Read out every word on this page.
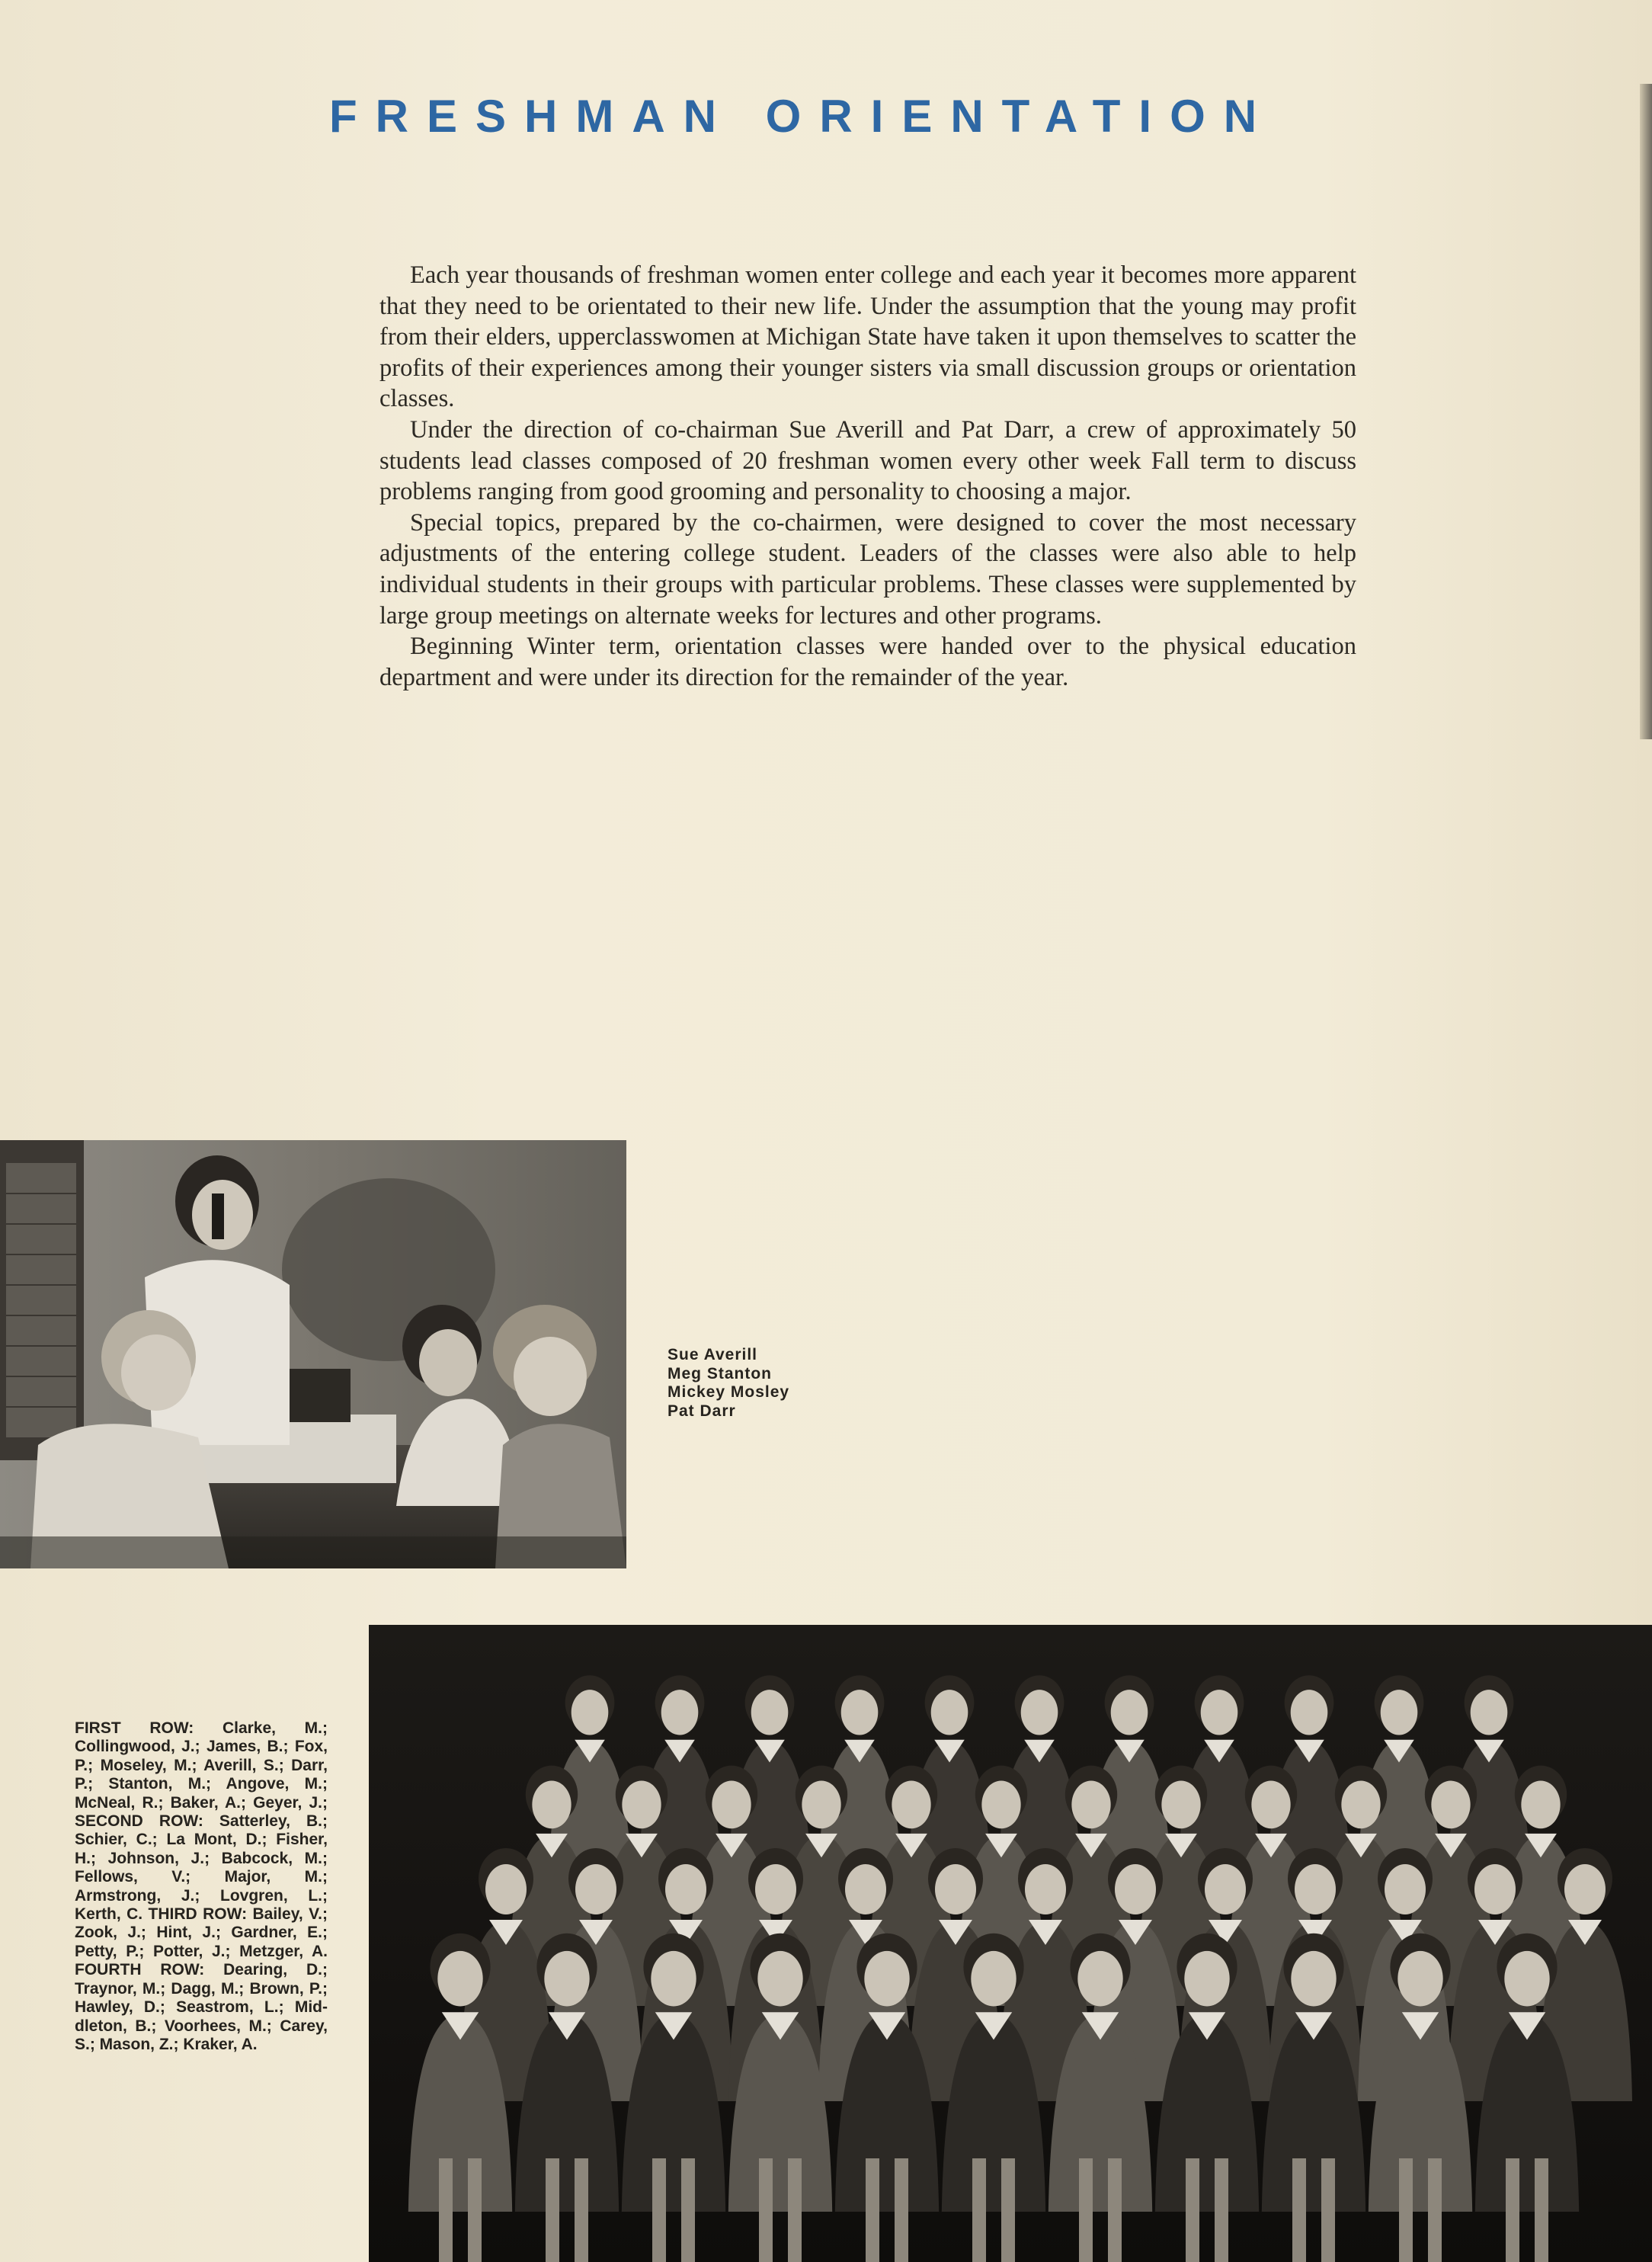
FRESHMAN ORIENTATION

Each year thousands of freshman women enter college and each year it becomes more apparent that they need to be orientated to their new life. Under the assumption that the young may profit from their elders, upperclasswomen at Michigan State have taken it upon themselves to scatter the profits of their experiences among their younger sisters via small discussion groups or orientation classes.

Under the direction of co-chairman Sue Averill and Pat Darr, a crew of approximately 50 students lead classes composed of 20 freshman women every other week Fall term to discuss problems ranging from good grooming and personality to choosing a major.

Special topics, prepared by the co-chairmen, were designed to cover the most necessary adjustments of the entering college student. Leaders of the classes were also able to help individual students in their groups with particular problems. These classes were supplemented by large group meetings on alternate weeks for lectures and other programs.

Beginning Winter term, orientation classes were handed over to the physical education department and were under its direction for the remainder of the year.

Sue Averill
Meg Stanton
Mickey Mosley
Pat Darr
FIRST ROW: Clarke, M.; Collingwood, J.; James, B.; Fox, P.; Moseley, M.; Averill, S.; Darr, P.; Stanton, M.; Angove, M.; McNeal, R.; Baker, A.; Geyer, J.; SECOND ROW: Satterley, B.; Schier, C.; La Mont, D.; Fisher, H.; Johnson, J.; Babcock, M.; Fellows, V.; Major, M.; Armstrong, J.; Lovgren, L.; Kerth, C. THIRD ROW: Bailey, V.; Zook, J.; Hint, J.; Gardner, E.; Petty, P.; Potter, J.; Metzger, A. FOURTH ROW: Dearing, D.; Traynor, M.; Dagg, M.; Brown, P.; Hawley, D.; Seastrom, L.; Middleton, B.; Voorhees, M.; Carey, S.; Mason, Z.; Kraker, A.
